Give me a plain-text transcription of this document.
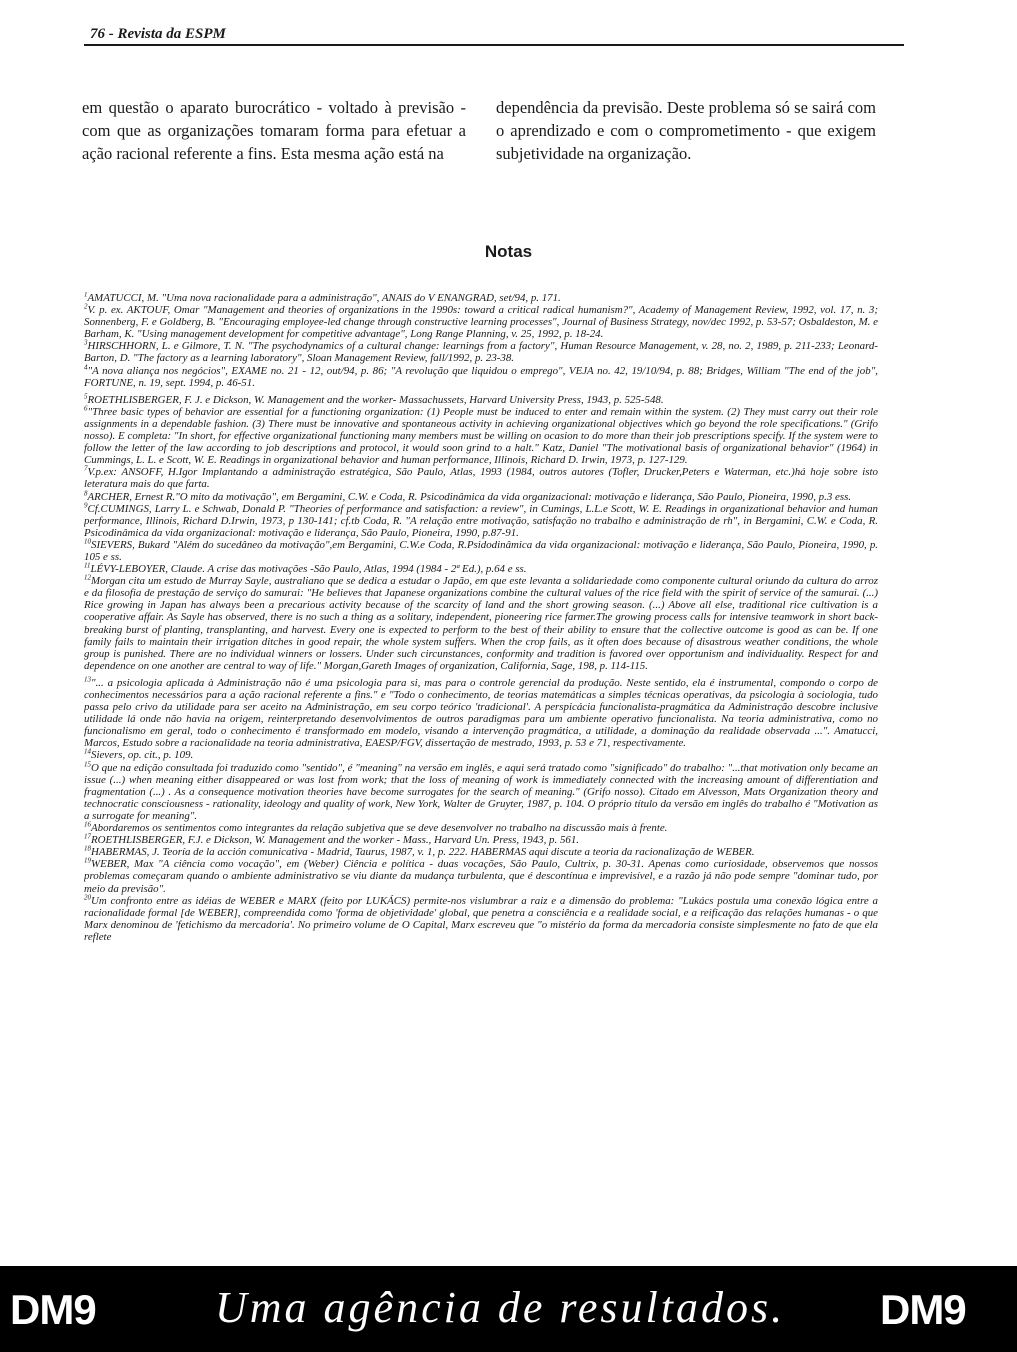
76 - Revista da ESPM
em questão o aparato burocrático - voltado à previsão - com que as organizações tomaram forma para efetuar a ação racional referente a fins. Esta mesma ação está na
dependência da previsão. Deste problema só se sairá com o aprendizado e com o comprometimento - que exigem subjetividade na organização.
Notas

$^1$AMATUCCI, M. "Uma nova racionalidade para a administração", ANAIS do V ENANGRAD, set/94, p. 171.

$^2$V. p. ex. AKTOUF, Omar "Management and theories of organizations in the 1990s: toward a critical radical humanism?", Academy of Management Review, 1992, vol. 17, n. 3; Sonnenberg, F. e Goldberg, B. "Encouraging employee-led change through constructive learning processes", Journal of Business Strategy, nov/dec 1992, p. 53-57; Osbaldeston, M. e Barham, K. "Using management development for competitive advantage", Long Range Planning, v. 25, 1992, p. 18-24.

$^3$HIRSCHHORN, L. e Gilmore, T. N. "The psychodynamics of a cultural change: learnings from a factory", Human Resource Management, v. 28, no. 2, 1989, p. 211-233; Leonard-Barton, D. "The factory as a learning laboratory", Sloan Management Review, fall/1992, p. 23-38.

$^4$"A nova aliança nos negócios", EXAME no. 21 - 12, out/94, p. 86; "A revolução que liquidou o emprego", VEJA no. 42, 19/10/94, p. 88; Bridges, William "The end of the job", FORTUNE, n. 19, sept. 1994, p. 46-51.

$^5$ROETHLISBERGER, F. J. e Dickson, W. Management and the worker- Massachussets, Harvard University Press, 1943, p. 525-548.

$^6$"Three basic types of behavior are essential for a functioning organization: (1) People must be induced to enter and remain within the system. (2) They must carry out their role assignments in a dependable fashion. (3) There must be innovative and spontaneous activity in achieving organizational objectives which go beyond the role specifications." (Grifo nosso). E completa: "In short, for effective organizational functioning many members must be willing on ocasion to do more than their job prescriptions specify. If the system were to follow the letter of the law according to job descriptions and protocol, it would soon grind to a halt." Katz, Daniel "The motivational basis of organizational behavior" (1964) in Cummings, L. L. e Scott, W. E. Readings in organizational behavior and human performance, Illinois, Richard D. Irwin, 1973, p. 127-129.

$^7$V.p.ex: ANSOFF, H.Igor Implantando a administração estratégica, São Paulo, Atlas, 1993 (1984, outros autores (Tofler, Drucker,Peters e Waterman, etc.)há hoje sobre isto leteratura mais do que farta.

$^8$ARCHER, Ernest R."O mito da motivação", em Bergamini, C.W. e Coda, R. Psicodinâmica da vida organizacional: motivação e liderança, São Paulo, Pioneira, 1990, p.3 ess.

$^9$Cf.CUMINGS, Larry L. e Schwab, Donald P. "Theories of performance and satisfaction: a review", in Cumings, L.L.e Scott, W. E. Readings in organizational behavior and human performance, Illinois, Richard D.Irwin, 1973, p 130-141; cf.tb Coda, R. "A relação entre motivação, satisfação no trabalho e administração de rh", in Bergamini, C.W. e Coda, R. Psicodinâmica da vida organizacional: motivação e liderança, São Paulo, Pioneira, 1990, p.87-91.

$^{10}$SIEVERS, Bukard "Além do sucedâneo da motivação",em Bergamini, C.W.e Coda, R.Psidodinâmica da vida organizacional: motivação e liderança, São Paulo, Pioneira, 1990, p. 105 e ss.

$^{11}$LÉVY-LEBOYER, Claude. A crise das motivações -São Paulo, Atlas, 1994 (1984 - 2ª Ed.), p.64 e ss.

$^{12}$Morgan cita um estudo de Murray Sayle, australiano que se dedica a estudar o Japão, em que este levanta a solidariedade como componente cultural oriundo da cultura do arroz e da filosofia de prestação de serviço do samurai: "He believes that Japanese organizations combine the cultural values of the rice field with the spirit of service of the samurai. (...) Rice growing in Japan has always been a precarious activity because of the scarcity of land and the short growing season. (...) Above all else, traditional rice cultivation is a cooperative affair. As Sayle has observed, there is no such a thing as a solitary, independent, pioneering rice farmer.The growing process calls for intensive teamwork in short back-breaking burst of planting, transplanting, and harvest. Every one is expected to perform to the best of their ability to ensure that the collective outcome is good as can be. If one family fails to maintain their irrigation ditches in good repair, the whole system suffers. When the crop fails, as it often does because of disastrous weather conditions, the whole group is punished. There are no individual winners or lossers. Under such circunstances, conformity and tradition is favored over opportunism and individuality. Respect for and dependence on one another are central to way of life." Morgan,Gareth Images of organization, California, Sage, 198, p. 114-115.

$^{13}$"... a psicologia aplicada à Administração não é uma psicologia para si, mas para o controle gerencial da produção. Neste sentido, ela é instrumental, compondo o corpo de conhecimentos necessários para a ação racional referente a fins." e "Todo o conhecimento, de teorias matemáticas a simples técnicas operativas, da psicologia à sociologia, tudo passa pelo crivo da utilidade para ser aceito na Administração, em seu corpo teórico 'tradicional'. A perspicácia funcionalista-pragmática da Administração descobre inclusive utilidade lá onde não havia na origem, reinterpretando desenvolvimentos de outros paradigmas para um ambiente operativo funcionalista. Na teoria administrativa, como no funcionalismo em geral, todo o conhecimento é transformado em modelo, visando a intervenção pragmática, a utilidade, a dominação da realidade observada ...". Amatucci, Marcos, Estudo sobre a racionalidade na teoria administrativa, EAESP/FGV, dissertação de mestrado, 1993, p. 53 e 71, respectivamente.

$^{14}$Sievers, op. cit., p. 109.

$^{15}$O que na edição consultada foi traduzido como "sentido", é "meaning" na versão em inglês, e aqui será tratado como "significado" do trabalho: "...that motivation only became an issue (...) when meaning either disappeared or was lost from work; that the loss of meaning of work is immediately connected with the increasing amount of differentiation and fragmentation (...) . As a consequence motivation theories have become surrogates for the search of meaning." (Grifo nosso). Citado em Alvesson, Mats Organization theory and technocratic consciousness - rationality, ideology and quality of work, New York, Walter de Gruyter, 1987, p. 104. O próprio título da versão em inglês do trabalho é "Motivation as a surrogate for meaning".

$^{16}$Abordaremos os sentimentos como integrantes da relação subjetiva que se deve desenvolver no trabalho na discussão mais à frente.

$^{17}$ROETHLISBERGER, F.J. e Dickson, W. Management and the worker - Mass., Harvard Un. Press, 1943, p. 561.

$^{18}$HABERMAS, J. Teoría de la acción comunicativa - Madrid, Taurus, 1987, v. 1, p. 222. HABERMAS aqui discute a teoria da racionalização de WEBER.

$^{19}$WEBER, Max "A ciência como vocação", em (Weber) Ciência e política - duas vocações, São Paulo, Cultrix, p. 30-31. Apenas como curiosidade, observemos que nossos problemas começaram quando o ambiente administrativo se viu diante da mudança turbulenta, que é descontínua e imprevisível, e a razão já não pode sempre "dominar tudo, por meio da previsão".

$^{20}$Um confronto entre as idéias de WEBER e MARX (feito por LUKÁCS) permite-nos vislumbrar a raiz e a dimensão do problema: "Lukács postula uma conexão lógica entre a racionalidade formal [de WEBER], compreendida como 'forma de objetividade' global, que penetra a consciência e a realidade social, e a reificação das relações humanas - o que Marx denominou de 'fetichismo da mercadoria'. No primeiro volume de O Capital, Marx escreveu que "o mistério da forma da mercadoria consiste simplesmente no fato de que ela reflete

DM9	Uma agência de resultados. DM9
